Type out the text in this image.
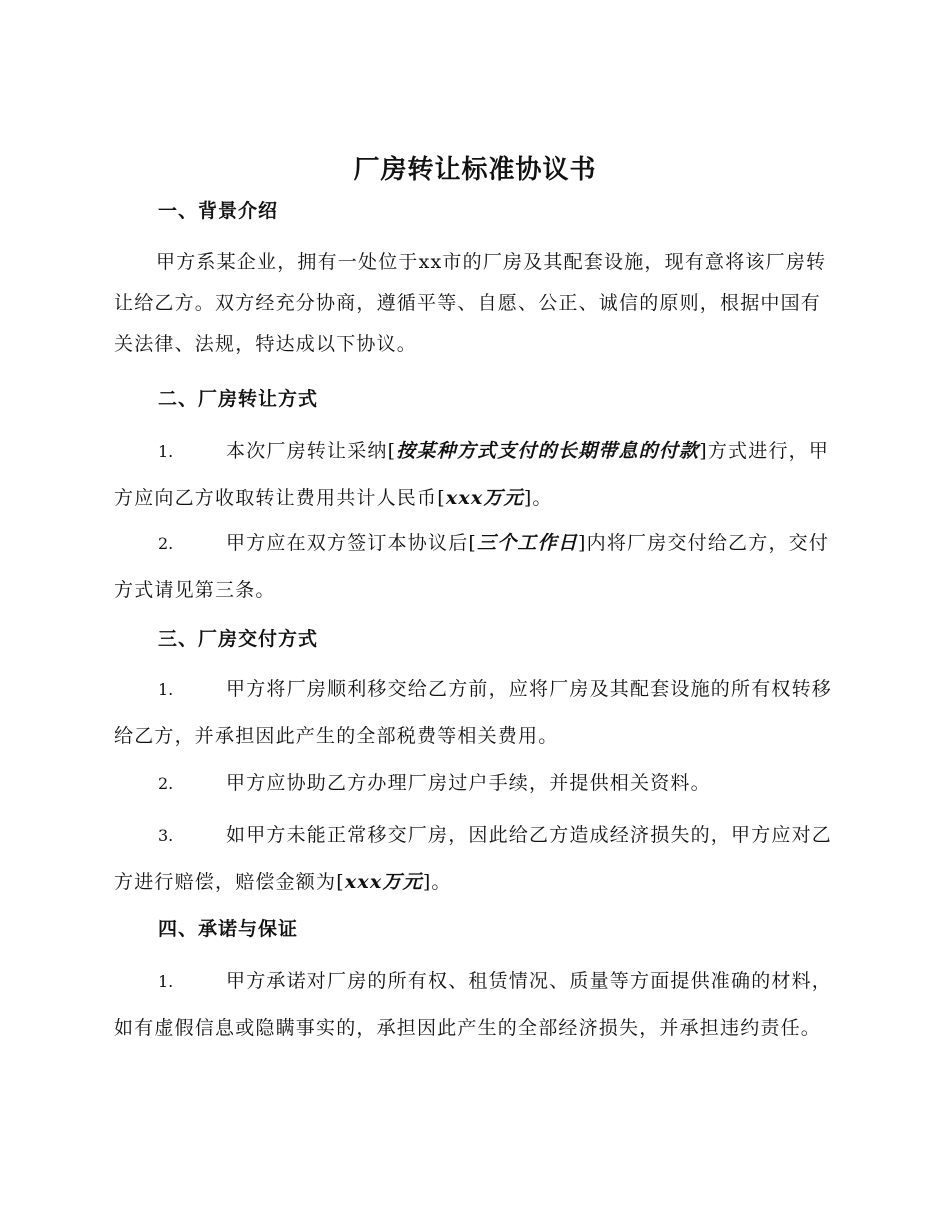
厂房转让标准协议书
一、背景介绍
甲方系某企业，拥有一处位于xx市的厂房及其配套设施，现有意将该厂房转让给乙方。双方经充分协商，遵循平等、自愿、公正、诚信的原则，根据中国有关法律、法规，特达成以下协议。
二、厂房转让方式
1.	本次厂房转让采纳[按某种方式支付的长期带息的付款]方式进行，甲方应向乙方收取转让费用共计人民币[xxx万元]。
2.	甲方应在双方签订本协议后[三个工作日]内将厂房交付给乙方，交付方式请见第三条。
三、厂房交付方式
1.	甲方将厂房顺利移交给乙方前，应将厂房及其配套设施的所有权转移给乙方，并承担因此产生的全部税费等相关费用。
2.	甲方应协助乙方办理厂房过户手续，并提供相关资料。
3.	如甲方未能正常移交厂房，因此给乙方造成经济损失的，甲方应对乙方进行赔偿，赔偿金额为[xxx万元]。
四、承诺与保证
1.	甲方承诺对厂房的所有权、租赁情况、质量等方面提供准确的材料，如有虚假信息或隐瞒事实的，承担因此产生的全部经济损失，并承担违约责任。
